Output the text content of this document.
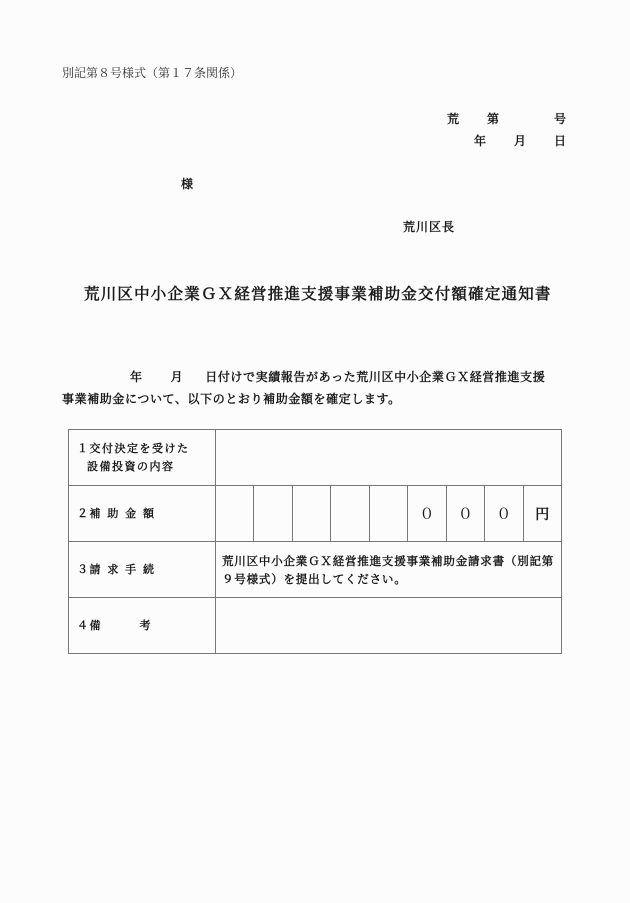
別記第８号様式（第１７条関係）
荒 第	号
年 月 日
様
荒川区長
荒川区中小企業ＧＸ経営推進支援事業補助金交付額確定通知書
年 月 日付けで実績報告があった荒川区中小企業ＧＸ経営推進支援
事業補助金について、以下のとおり補助金額を確定します。
１交付決定を受けた
設備投資の内容	

２補 助 金 額	０ ０ ０ 円

３請 求 手 続	荒川区中小企業ＧＸ経営推進支援事業補助金請求書（別記第９号様式）を提出してください。
４備　　　考	
